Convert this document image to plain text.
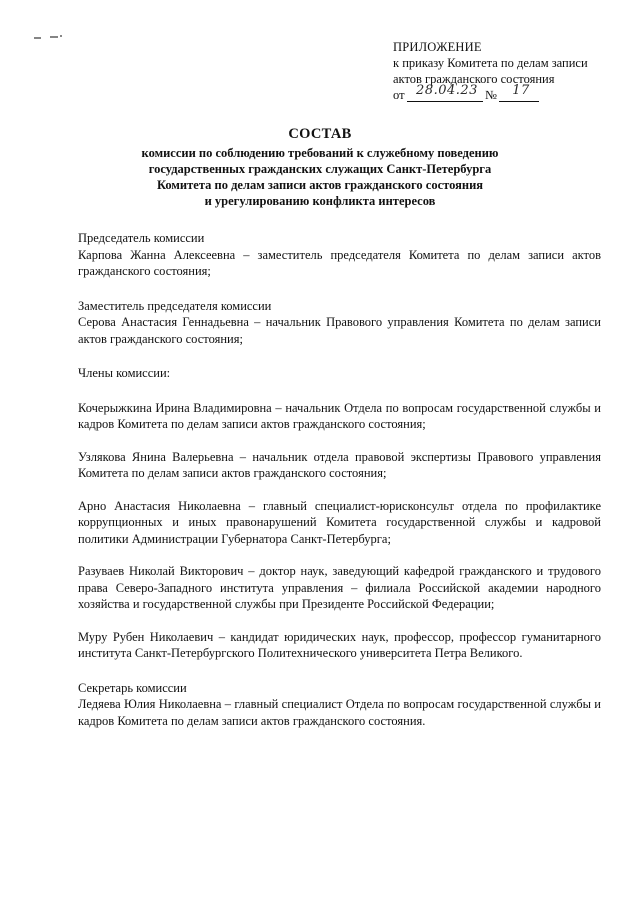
ПРИЛОЖЕНИЕ
к приказу Комитета по делам записи
актов гражданского состояния
от 28.04.23 №	17
СОСТАВ
комиссии по соблюдению требований к служебному поведению
государственных гражданских служащих Санкт-Петербурга
Комитета по делам записи актов гражданского состояния
и урегулированию конфликта интересов

Председатель комиссии

Карпова Жанна Алексеевна – заместитель председателя Комитета по делам записи актов гражданского состояния;

Заместитель председателя комиссии

Серова Анастасия Геннадьевна – начальник Правового управления Комитета по делам записи актов гражданского состояния;

Члены комиссии:

Кочерыжкина Ирина Владимировна – начальник Отдела по вопросам государственной службы и кадров Комитета по делам записи актов гражданского состояния;

Узлякова Янина Валерьевна – начальник отдела правовой экспертизы Правового управления Комитета по делам записи актов гражданского состояния;

Арно Анастасия Николаевна – главный специалист-юрисконсульт отдела по профилактике коррупционных и иных правонарушений Комитета государственной службы и кадровой политики Администрации Губернатора Санкт-Петербурга;

Разуваев Николай Викторович – доктор наук, заведующий кафедрой гражданского и трудового права Северо-Западного института управления – филиала Российской академии народного хозяйства и государственной службы при Президенте Российской Федерации;

Муру Рубен Николаевич – кандидат юридических наук, профессор, профессор гуманитарного института Санкт-Петербургского Политехнического университета Петра Великого.

Секретарь комиссии

Ледяева Юлия Николаевна – главный специалист Отдела по вопросам государственной службы и кадров Комитета по делам записи актов гражданского состояния.
